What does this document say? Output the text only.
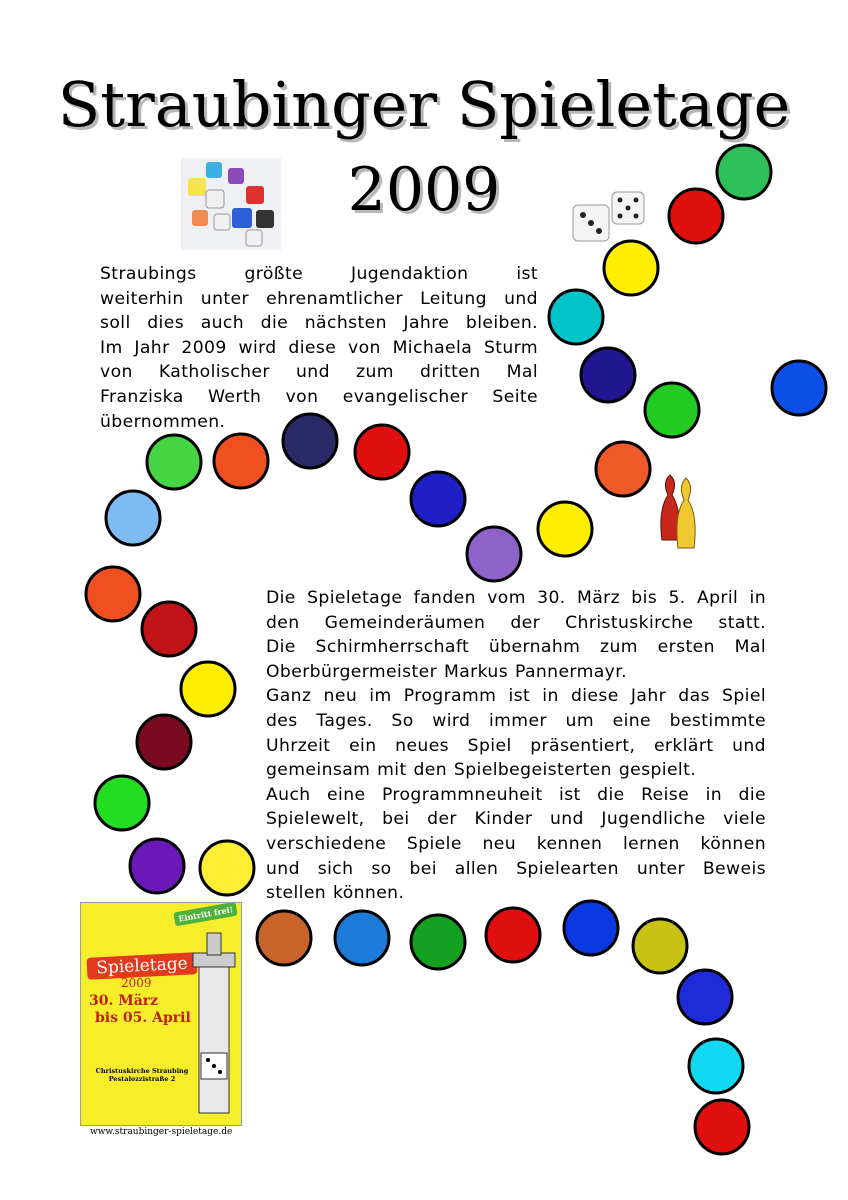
Straubinger Spieletage
2009
Straubings größte Jugendaktion ist
weiterhin unter ehrenamtlicher Leitung und
soll dies auch die nächsten Jahre bleiben.
Im Jahr 2009 wird diese von Michaela Sturm
von Katholischer und zum dritten Mal
Franziska Werth von evangelischer Seite
übernommen.
Die Spieletage fanden vom 30. März bis 5. April in
den Gemeinderäumen der Christuskirche statt.
Die Schirmherrschaft übernahm zum ersten Mal
Oberbürgermeister Markus Pannermayr.
Ganz neu im Programm ist in diese Jahr das Spiel
des Tages. So wird immer um eine bestimmte
Uhrzeit ein neues Spiel präsentiert, erklärt und
gemeinsam mit den Spielbegeisterten gespielt.
Auch eine Programmneuheit ist die Reise in die
Spielewelt, bei der Kinder und Jugendliche viele
verschiedene Spiele neu kennen lernen können
und sich so bei allen Spielearten unter Beweis
stellen können.
Eintritt frei!
Spieletage
2009
30. März
bis 05. April
Christuskirche Straubing Pestalozzistraße 2
www.straubinger-spieletage.de
